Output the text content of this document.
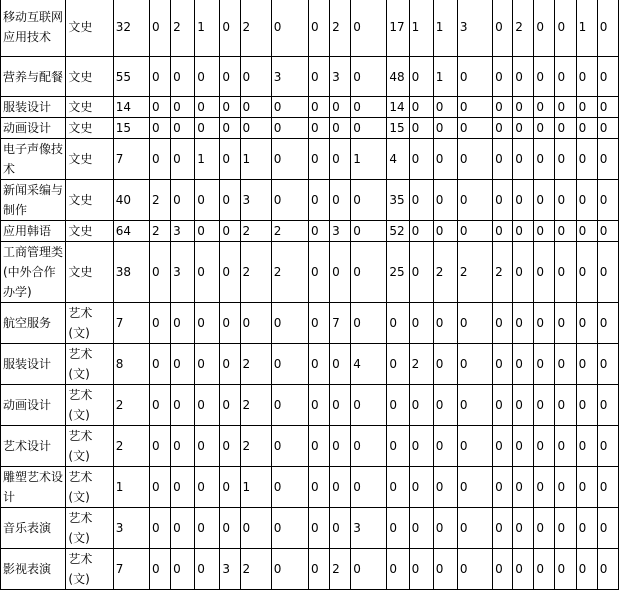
移动互联网应用技术	文史	32	0	2	1	0	2	0	0	2	0	17	1	1	3	0	2	0	0	1	0
营养与配餐	文史	55	0	0	0	0	0	3	0	3	0	48	0	1	0	0	0	0	0	0	0
服装设计	文史	14	0	0	0	0	0	0	0	0	0	14	0	0	0	0	0	0	0	0	0
动画设计	文史	15	0	0	0	0	0	0	0	0	0	15	0	0	0	0	0	0	0	0	0
电子声像技术	文史	7	0	0	1	0	1	0	0	0	1	4	0	0	0	0	0	0	0	0	0
新闻采编与制作	文史	40	2	0	0	0	3	0	0	0	0	35	0	0	0	0	0	0	0	0	0
应用韩语	文史	64	2	3	0	0	2	2	0	3	0	52	0	0	0	0	0	0	0	0	0
工商管理类(中外合作办学)	文史	38	0	3	0	0	2	2	0	0	0	25	0	2	2	2	0	0	0	0	0
航空服务	艺术(文)	7	0	0	0	0	0	0	0	7	0	0	0	0	0	0	0	0	0	0	0
服装设计	艺术(文)	8	0	0	0	0	2	0	0	0	4	0	2	0	0	0	0	0	0	0	0
动画设计	艺术(文)	2	0	0	0	0	2	0	0	0	0	0	0	0	0	0	0	0	0	0	0
艺术设计	艺术(文)	2	0	0	0	0	2	0	0	0	0	0	0	0	0	0	0	0	0	0	0
雕塑艺术设计	艺术(文)	1	0	0	0	0	1	0	0	0	0	0	0	0	0	0	0	0	0	0	0
音乐表演	艺术(文)	3	0	0	0	0	0	0	0	0	3	0	0	0	0	0	0	0	0	0	0
影视表演	艺术(文)	7	0	0	0	3	2	0	0	2	0	0	0	0	0	0	0	0	0	0	0
